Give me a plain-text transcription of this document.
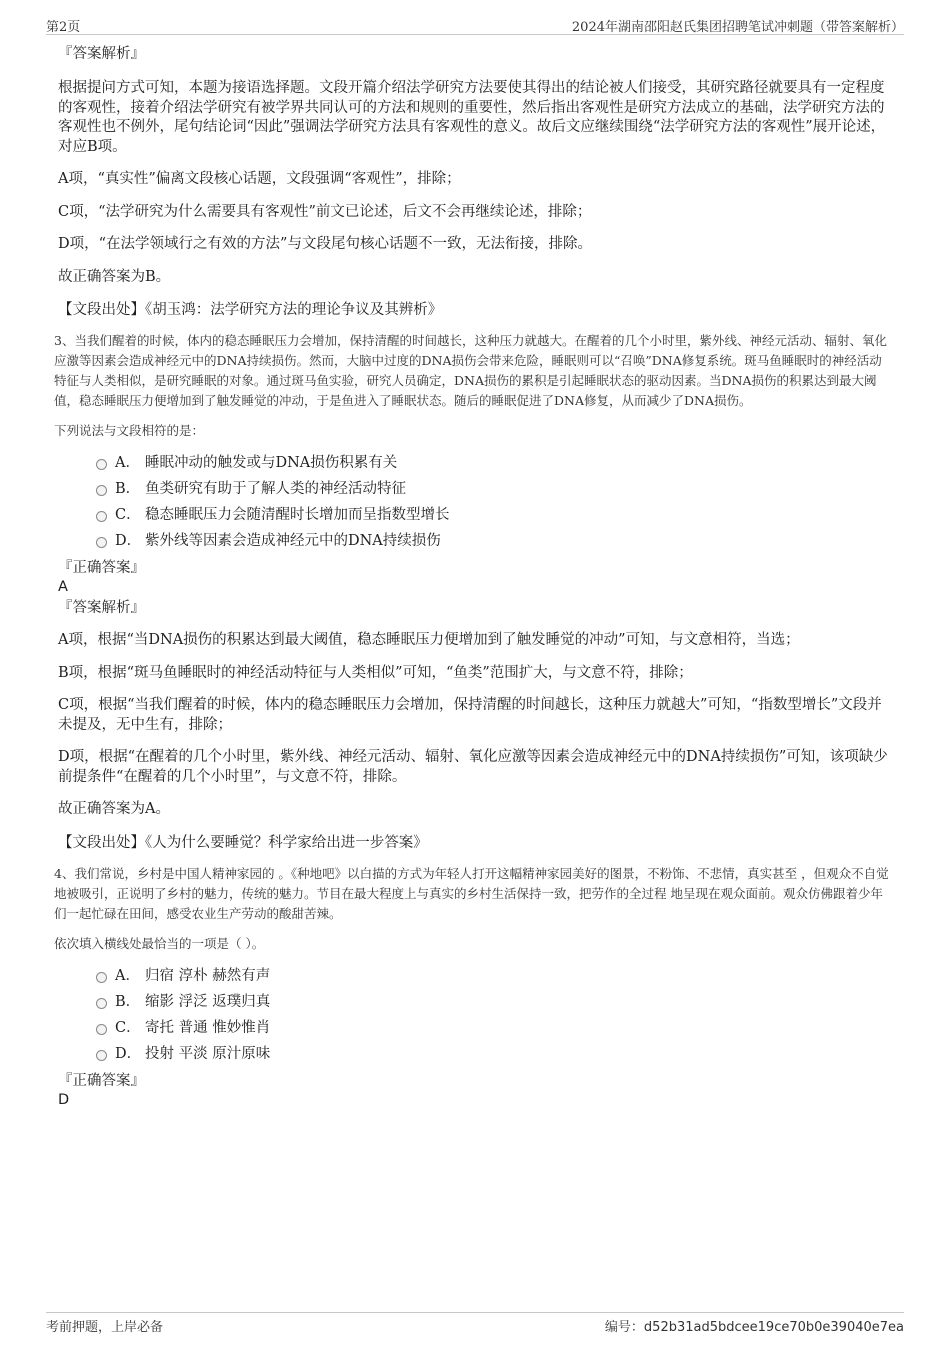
第2页	2024年湖南邵阳赵氏集团招聘笔试冲刺题（带答案解析）
『答案解析』

根据提问方式可知，本题为接语选择题。文段开篇介绍法学研究方法要使其得出的结论被人们接受，其研究路径就要具有一定程度的客观性，接着介绍法学研究有被学界共同认可的方法和规则的重要性，然后指出客观性是研究方法成立的基础，法学研究方法的客观性也不例外，尾句结论词“因此”强调法学研究方法具有客观性的意义。故后文应继续围绕“法学研究方法的客观性”展开论述，对应B项。

A项，“真实性”偏离文段核心话题，文段强调“客观性”，排除；

C项，“法学研究为什么需要具有客观性”前文已论述，后文不会再继续论述，排除；

D项，“在法学领域行之有效的方法”与文段尾句核心话题不一致，无法衔接，排除。

故正确答案为B。

【文段出处】《胡玉鸿：法学研究方法的理论争议及其辨析》

3、当我们醒着的时候，体内的稳态睡眠压力会增加，保持清醒的时间越长，这种压力就越大。在醒着的几个小时里，紫外线、神经元活动、辐射、氧化应激等因素会造成神经元中的DNA持续损伤。然而，大脑中过度的DNA损伤会带来危险，睡眠则可以“召唤”DNA修复系统。斑马鱼睡眠时的神经活动特征与人类相似，是研究睡眠的对象。通过斑马鱼实验，研究人员确定，DNA损伤的累积是引起睡眠状态的驱动因素。当DNA损伤的积累达到最大阈值，稳态睡眠压力便增加到了触发睡觉的冲动，于是鱼进入了睡眠状态。随后的睡眠促进了DNA修复，从而减少了DNA损伤。

下列说法与文段相符的是：

A． 睡眠冲动的触发或与DNA损伤积累有关
B． 鱼类研究有助于了解人类的神经活动特征
C． 稳态睡眠压力会随清醒时长增加而呈指数型增长
D． 紫外线等因素会造成神经元中的DNA持续损伤
『正确答案』
A
『答案解析』

A项，根据“当DNA损伤的积累达到最大阈值，稳态睡眠压力便增加到了触发睡觉的冲动”可知，与文意相符，当选；

B项，根据“斑马鱼睡眠时的神经活动特征与人类相似”可知，“鱼类”范围扩大，与文意不符，排除；

C项，根据“当我们醒着的时候，体内的稳态睡眠压力会增加，保持清醒的时间越长，这种压力就越大”可知，“指数型增长”文段并未提及，无中生有，排除；

D项，根据“在醒着的几个小时里，紫外线、神经元活动、辐射、氧化应激等因素会造成神经元中的DNA持续损伤”可知，该项缺少前提条件“在醒着的几个小时里”，与文意不符，排除。

故正确答案为A。

【文段出处】《人为什么要睡觉？科学家给出进一步答案》

4、我们常说，乡村是中国人精神家园的 。《种地吧》以白描的方式为年轻人打开这幅精神家园美好的图景，不粉饰、不悲情，真实甚至 ，但观众不自觉地被吸引，正说明了乡村的魅力，传统的魅力。节目在最大程度上与真实的乡村生活保持一致，把劳作的全过程 地呈现在观众面前。观众仿佛跟着少年们一起忙碌在田间，感受农业生产劳动的酸甜苦辣。

依次填入横线处最恰当的一项是（ ）。

A． 归宿 淳朴 赫然有声
B． 缩影 浮泛 返璞归真
C． 寄托 普通 惟妙惟肖
D． 投射 平淡 原汁原味
『正确答案』
D
考前押题，上岸必备	编号：d52b31ad5bdcee19ce70b0e39040e7ea
